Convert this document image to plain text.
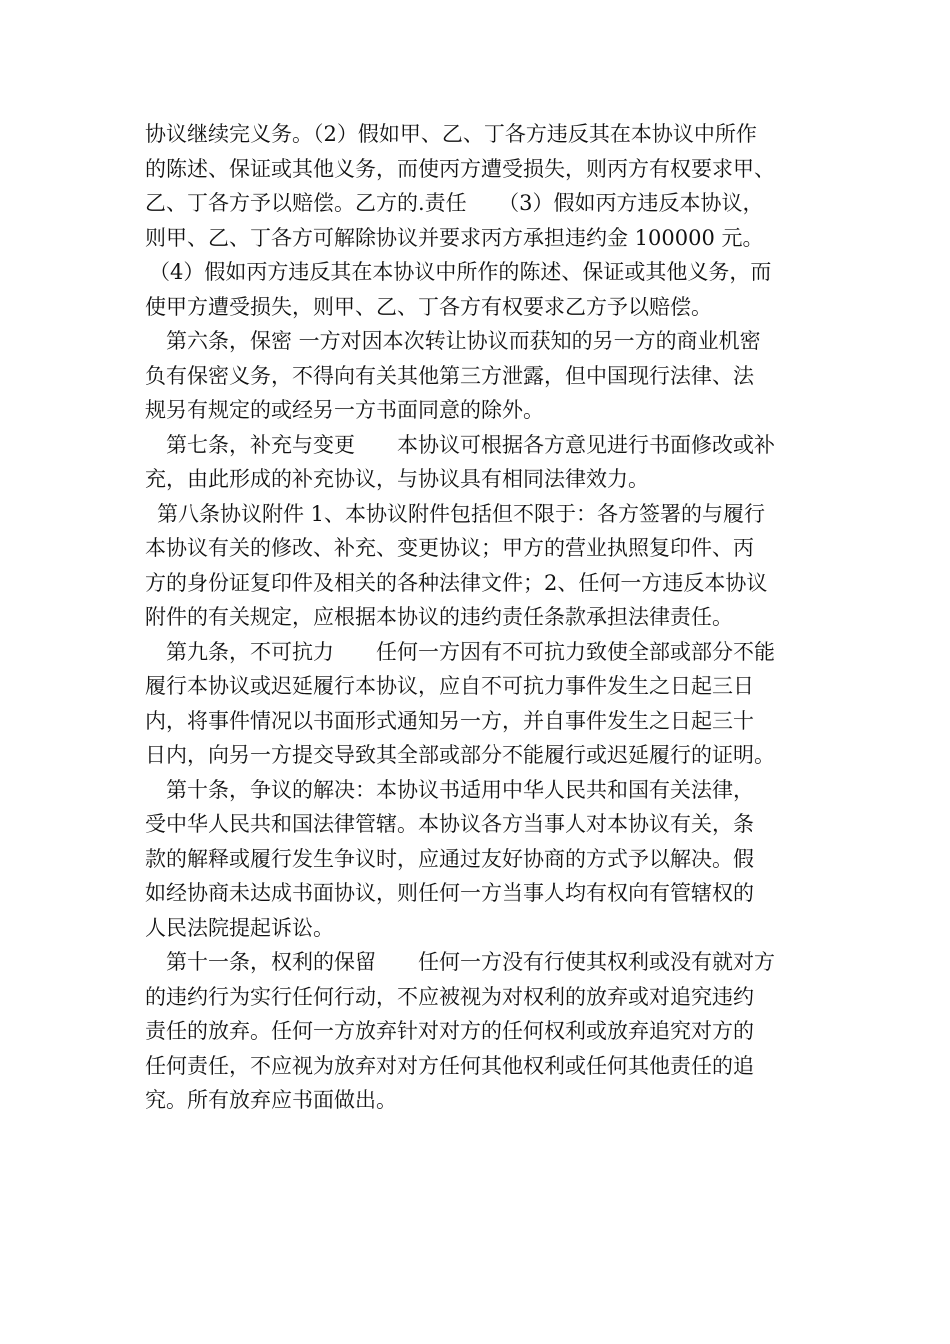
协议继续完义务。（2）假如甲、乙、丁各方违反其在本协议中所作
的陈述、保证或其他义务，而使丙方遭受损失，则丙方有权要求甲、
乙、丁各方予以赔偿。乙方的.责任　　（3）假如丙方违反本协议，
则甲、乙、丁各方可解除协议并要求丙方承担违约金 100000 元。
（4）假如丙方违反其在本协议中所作的陈述、保证或其他义务，而
使甲方遭受损失，则甲、乙、丁各方有权要求乙方予以赔偿。
第六条，保密 一方对因本次转让协议而获知的另一方的商业机密
负有保密义务，不得向有关其他第三方泄露，但中国现行法律、法
规另有规定的或经另一方书面同意的除外。
第七条，补充与变更　　本协议可根据各方意见进行书面修改或补
充，由此形成的补充协议，与协议具有相同法律效力。
第八条协议附件 1、本协议附件包括但不限于：各方签署的与履行
本协议有关的修改、补充、变更协议；甲方的营业执照复印件、丙
方的身份证复印件及相关的各种法律文件；2、任何一方违反本协议
附件的有关规定，应根据本协议的违约责任条款承担法律责任。
第九条，不可抗力　　任何一方因有不可抗力致使全部或部分不能
履行本协议或迟延履行本协议，应自不可抗力事件发生之日起三日
内，将事件情况以书面形式通知另一方，并自事件发生之日起三十
日内，向另一方提交导致其全部或部分不能履行或迟延履行的证明。
第十条，争议的解决：本协议书适用中华人民共和国有关法律，
受中华人民共和国法律管辖。本协议各方当事人对本协议有关，条
款的解释或履行发生争议时，应通过友好协商的方式予以解决。假
如经协商未达成书面协议，则任何一方当事人均有权向有管辖权的
人民法院提起诉讼。
第十一条，权利的保留　　任何一方没有行使其权利或没有就对方
的违约行为实行任何行动，不应被视为对权利的放弃或对追究违约
责任的放弃。任何一方放弃针对对方的任何权利或放弃追究对方的
任何责任，不应视为放弃对对方任何其他权利或任何其他责任的追
究。所有放弃应书面做出。
